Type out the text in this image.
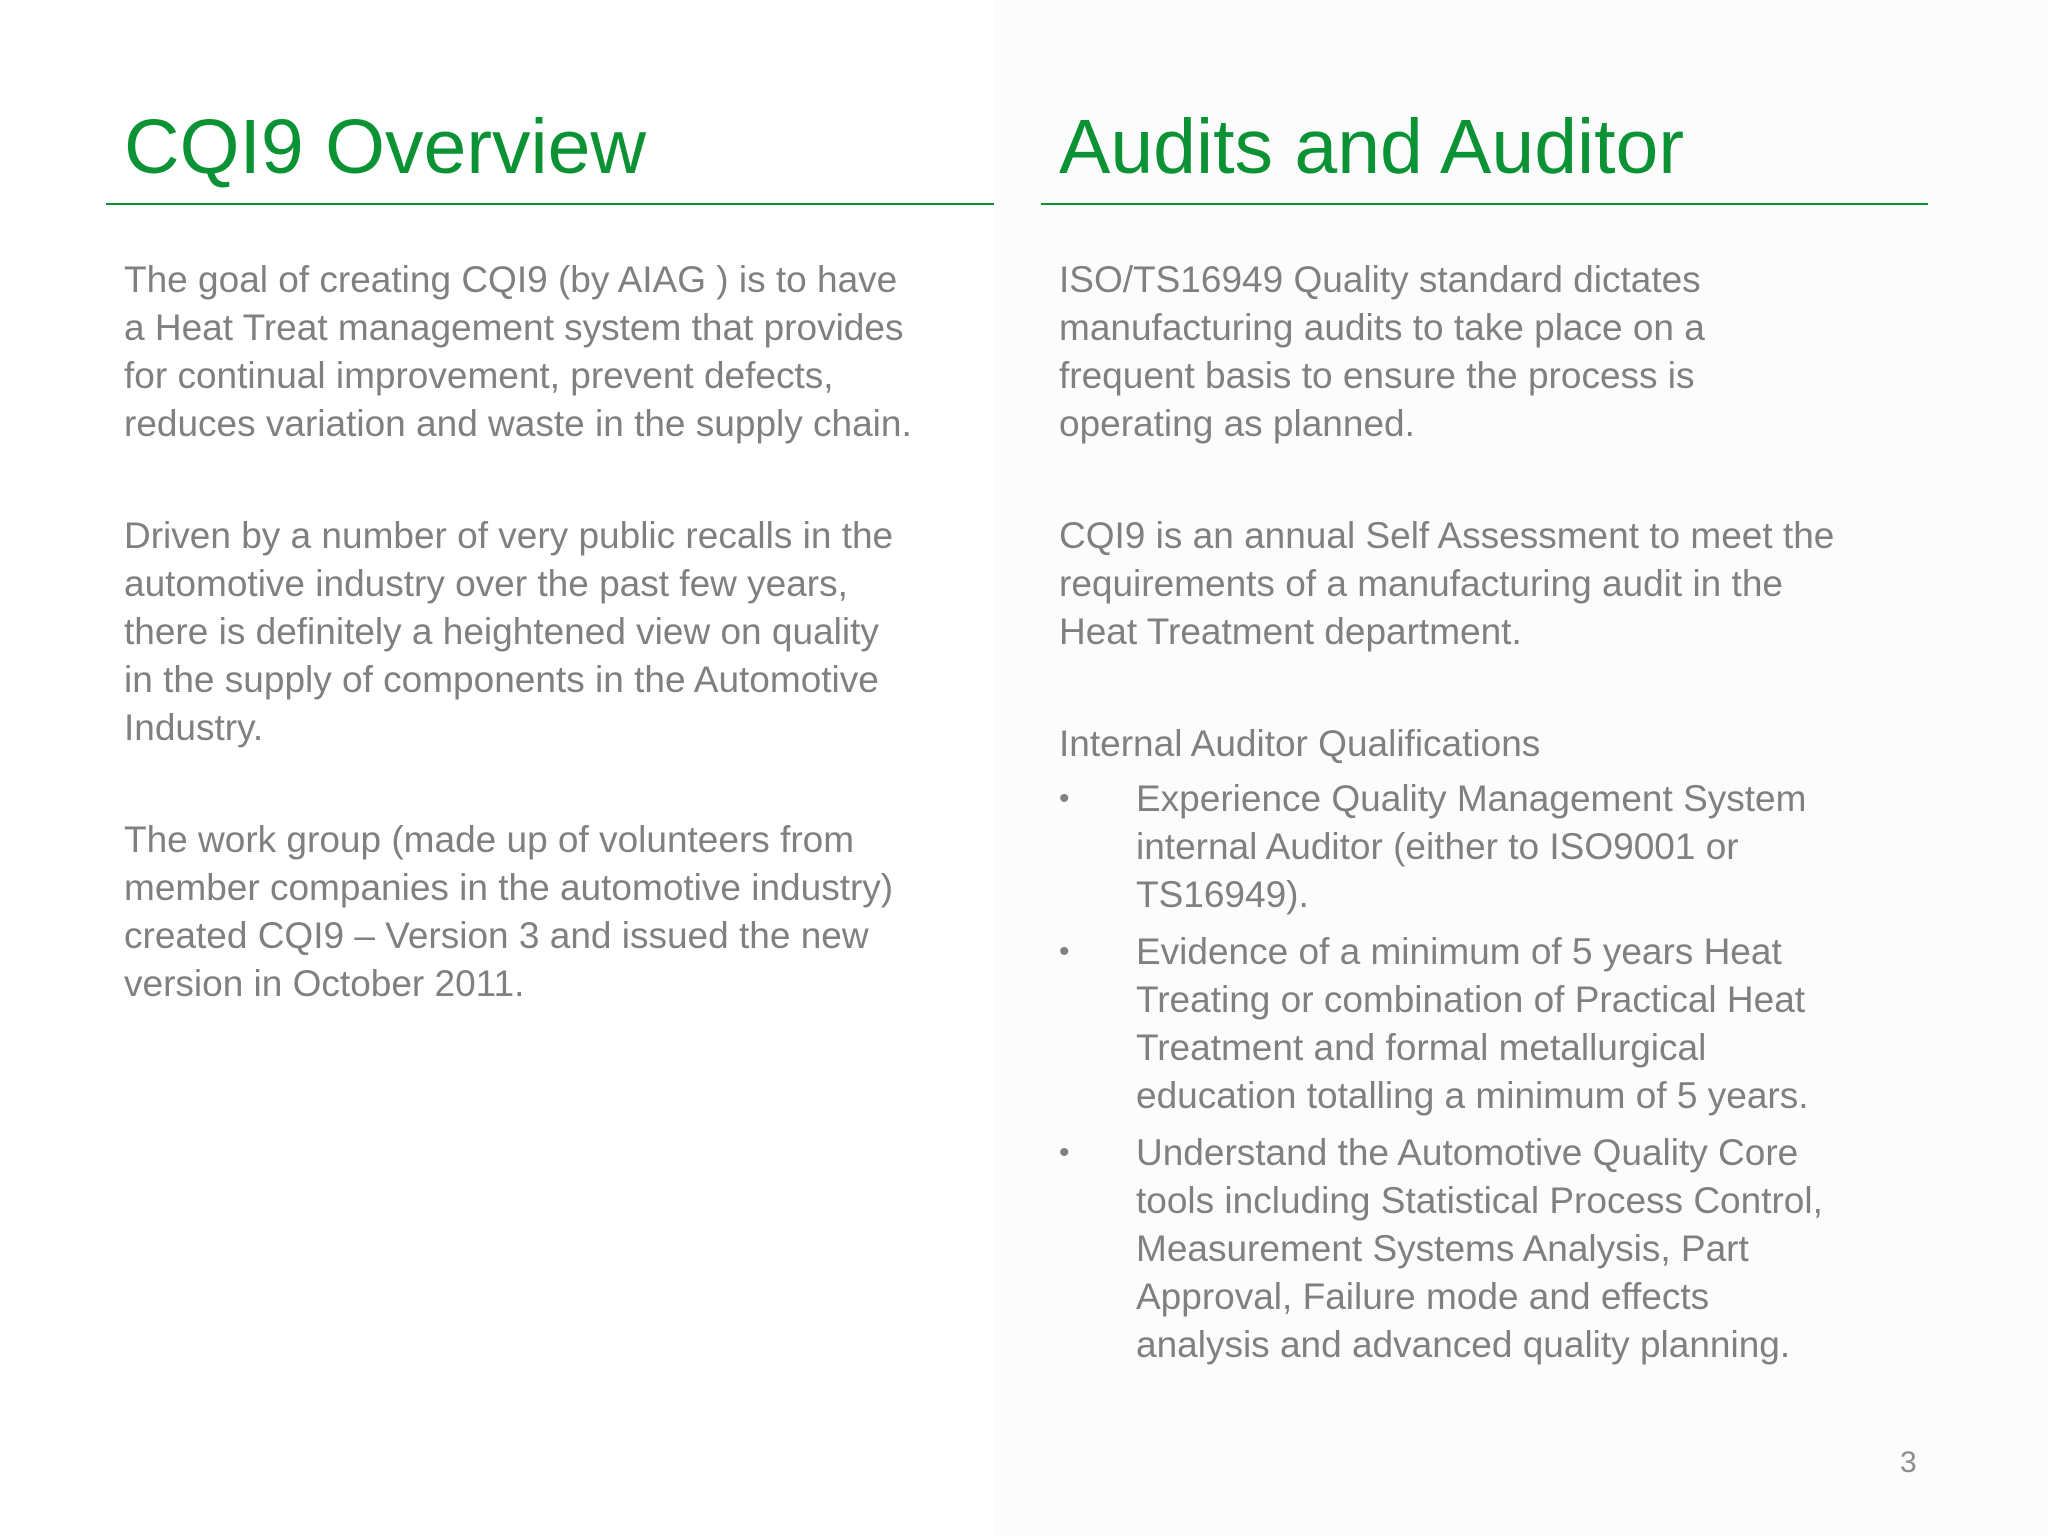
CQI9 Overview

The goal of creating CQI9 (by AIAG ) is to have
a Heat Treat management system that provides
for continual improvement, prevent defects,
reduces variation and waste in the supply chain.

Driven by a number of very public recalls in the
automotive industry over the past few years,
there is definitely a heightened view on quality
in the supply of components in the Automotive
Industry.

The work group (made up of volunteers from
member companies in the automotive industry)
created CQI9 – Version 3 and issued the new
version in October 2011.

Audits and Auditor

ISO/TS16949 Quality standard dictates
manufacturing audits to take place on a
frequent basis to ensure the process is
operating as planned.

CQI9 is an annual Self Assessment to meet the
requirements of a manufacturing audit in the
Heat Treatment department.

Internal Auditor Qualifications

•	Experience Quality Management System
internal Auditor (either to ISO9001 or
TS16949).
•	Evidence of a minimum of 5 years Heat
Treating or combination of Practical Heat
Treatment and formal metallurgical
education totalling a minimum of 5 years.
•	Understand the Automotive Quality Core
tools including Statistical Process Control,
Measurement Systems Analysis, Part
Approval, Failure mode and effects
analysis and advanced quality planning.
3
